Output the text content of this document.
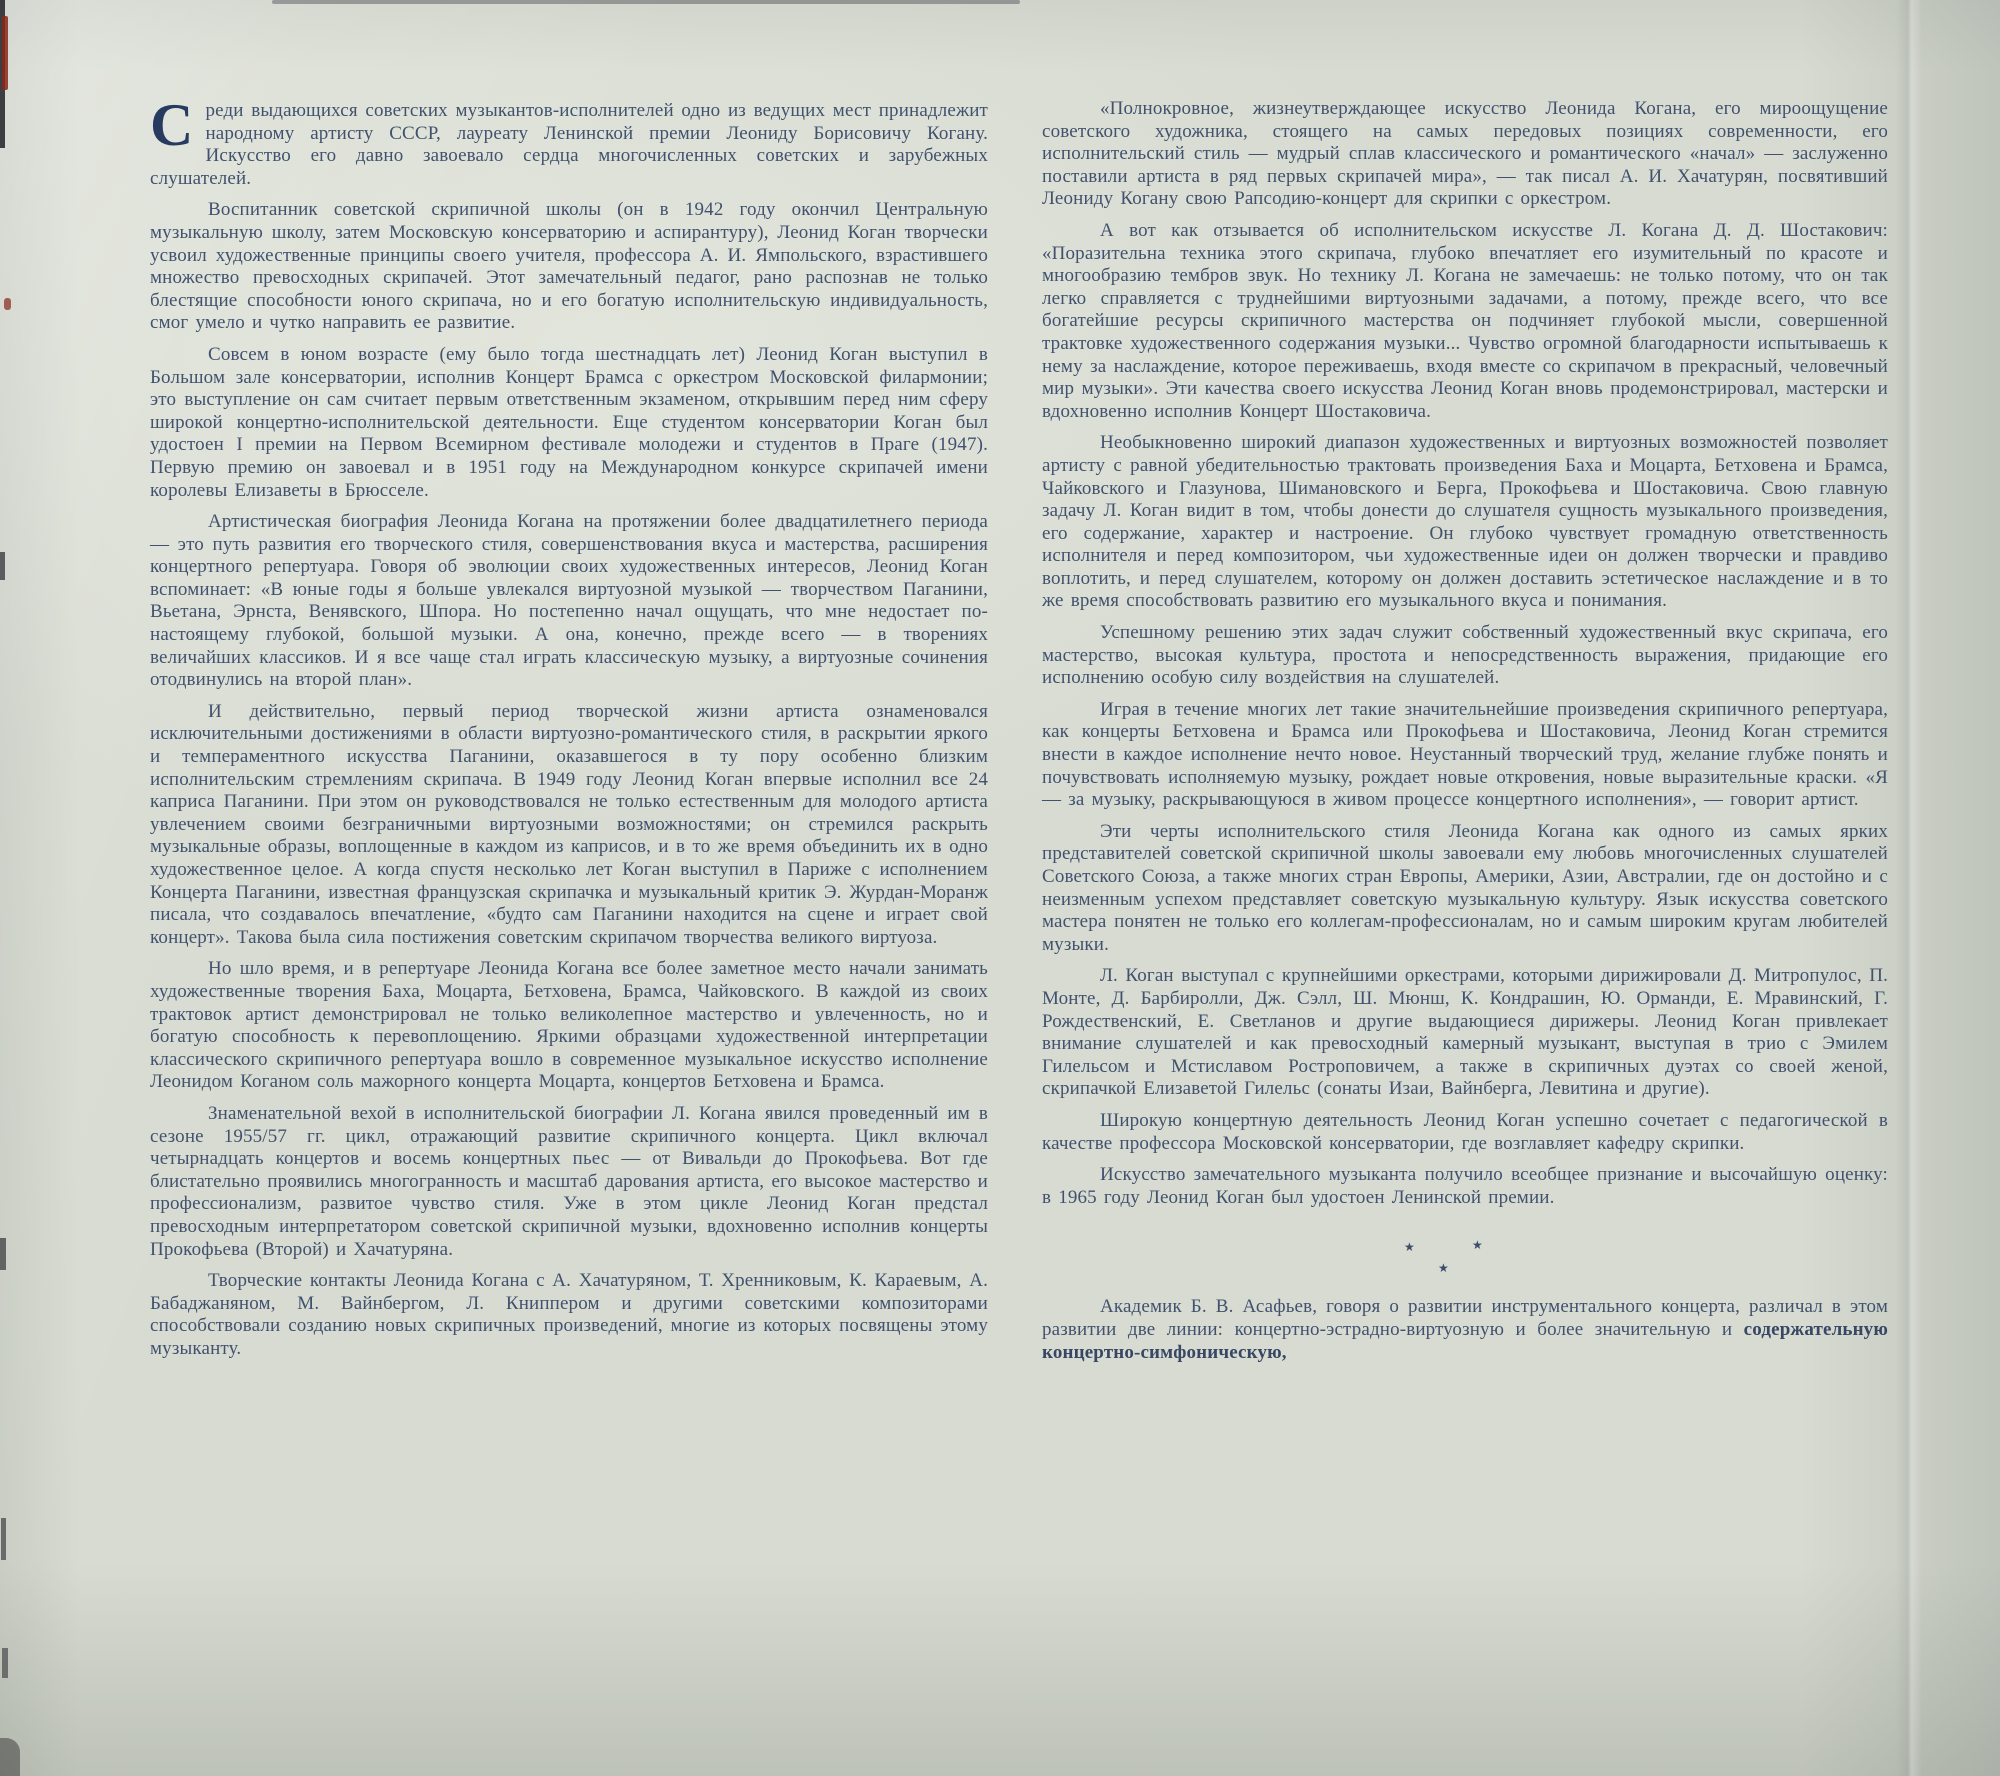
Среди выдающихся советских музыкантов-исполнителей одно из ведущих мест принадлежит народному артисту СССР, лауреату Ленинской премии Леониду Борисовичу Когану. Искусство его давно завоевало сердца многочисленных советских и зарубежных слушателей.

Воспитанник советской скрипичной школы (он в 1942 году окончил Центральную музыкальную школу, затем Московскую консерваторию и аспирантуру), Леонид Коган творчески усвоил художественные принципы своего учителя, профессора А. И. Ямпольского, взрастившего множество превосходных скрипачей. Этот замечательный педагог, рано распознав не только блестящие способности юного скрипача, но и его богатую исполнительскую индивидуальность, смог умело и чутко направить ее развитие.

Совсем в юном возрасте (ему было тогда шестнадцать лет) Леонид Коган выступил в Большом зале консерватории, исполнив Концерт Брамса с оркестром Московской филармонии; это выступление он сам считает первым ответственным экзаменом, открывшим перед ним сферу широкой концертно-исполнительской деятельности. Еще студентом консерватории Коган был удостоен I премии на Первом Всемирном фестивале молодежи и студентов в Праге (1947). Первую премию он завоевал и в 1951 году на Международном конкурсе скрипачей имени королевы Елизаветы в Брюсселе.

Артистическая биография Леонида Когана на протяжении более двадцатилетнего периода — это путь развития его творческого стиля, совершенствования вкуса и мастерства, расширения концертного репертуара. Говоря об эволюции своих художественных интересов, Леонид Коган вспоминает: «В юные годы я больше увлекался виртуозной музыкой — творчеством Паганини, Вьетана, Эрнста, Венявского, Шпора. Но постепенно начал ощущать, что мне недостает по-настоящему глубокой, большой музыки. А она, конечно, прежде всего — в творениях величайших классиков. И я все чаще стал играть классическую музыку, а виртуозные сочинения отодвинулись на второй план».

И действительно, первый период творческой жизни артиста ознаменовался исключительными достижениями в области виртуозно-романтического стиля, в раскрытии яркого и темпераментного искусства Паганини, оказавшегося в ту пору особенно близким исполнительским стремлениям скрипача. В 1949 году Леонид Коган впервые исполнил все 24 каприса Паганини. При этом он руководствовался не только естественным для молодого артиста увлечением своими безграничными виртуозными возможностями; он стремился раскрыть музыкальные образы, воплощенные в каждом из каприсов, и в то же время объединить их в одно художественное целое. А когда спустя несколько лет Коган выступил в Париже с исполнением Концерта Паганини, известная французская скрипачка и музыкальный критик Э. Журдан-Моранж писала, что создавалось впечатление, «будто сам Паганини находится на сцене и играет свой концерт». Такова была сила постижения советским скрипачом творчества великого виртуоза.

Но шло время, и в репертуаре Леонида Когана все более заметное место начали занимать художественные творения Баха, Моцарта, Бетховена, Брамса, Чайковского. В каждой из своих трактовок артист демонстрировал не только великолепное мастерство и увлеченность, но и богатую способность к перевоплощению. Яркими образцами художественной интерпретации классического скрипичного репертуара вошло в современное музыкальное искусство исполнение Леонидом Коганом соль мажорного концерта Моцарта, концертов Бетховена и Брамса.

Знаменательной вехой в исполнительской биографии Л. Когана явился проведенный им в сезоне 1955/57 гг. цикл, отражающий развитие скрипичного концерта. Цикл включал четырнадцать концертов и восемь концертных пьес — от Вивальди до Прокофьева. Вот где блистательно проявились многогранность и масштаб дарования артиста, его высокое мастерство и профессионализм, развитое чувство стиля. Уже в этом цикле Леонид Коган предстал превосходным интерпретатором советской скрипичной музыки, вдохновенно исполнив концерты Прокофьева (Второй) и Хачатуряна.

Творческие контакты Леонида Когана с А. Хачатуряном, Т. Хренниковым, К. Караевым, А. Бабаджаняном, М. Вайнбергом, Л. Книппером и другими советскими композиторами способствовали созданию новых скрипичных произведений, многие из которых посвящены этому музыканту.

«Полнокровное, жизнеутверждающее искусство Леонида Когана, его мироощущение советского художника, стоящего на самых передовых позициях современности, его исполнительский стиль — мудрый сплав классического и романтического «начал» — заслуженно поставили артиста в ряд первых скрипачей мира», — так писал А. И. Хачатурян, посвятивший Леониду Когану свою Рапсодию-концерт для скрипки с оркестром.

А вот как отзывается об исполнительском искусстве Л. Когана Д. Д. Шостакович: «Поразительна техника этого скрипача, глубоко впечатляет его изумительный по красоте и многообразию тембров звук. Но технику Л. Когана не замечаешь: не только потому, что он так легко справляется с труднейшими виртуозными задачами, а потому, прежде всего, что все богатейшие ресурсы скрипичного мастерства он подчиняет глубокой мысли, совершенной трактовке художественного содержания музыки... Чувство огромной благодарности испытываешь к нему за наслаждение, которое переживаешь, входя вместе со скрипачом в прекрасный, человечный мир музыки». Эти качества своего искусства Леонид Коган вновь продемонстрировал, мастерски и вдохновенно исполнив Концерт Шостаковича.

Необыкновенно широкий диапазон художественных и виртуозных возможностей позволяет артисту с равной убедительностью трактовать произведения Баха и Моцарта, Бетховена и Брамса, Чайковского и Глазунова, Шимановского и Берга, Прокофьева и Шостаковича. Свою главную задачу Л. Коган видит в том, чтобы донести до слушателя сущность музыкального произведения, его содержание, характер и настроение. Он глубоко чувствует громадную ответственность исполнителя и перед композитором, чьи художественные идеи он должен творчески и правдиво воплотить, и перед слушателем, которому он должен доставить эстетическое наслаждение и в то же время способствовать развитию его музыкального вкуса и понимания.

Успешному решению этих задач служит собственный художественный вкус скрипача, его мастерство, высокая культура, простота и непосредственность выражения, придающие его исполнению особую силу воздействия на слушателей.

Играя в течение многих лет такие значительнейшие произведения скрипичного репертуара, как концерты Бетховена и Брамса или Прокофьева и Шостаковича, Леонид Коган стремится внести в каждое исполнение нечто новое. Неустанный творческий труд, желание глубже понять и почувствовать исполняемую музыку, рождает новые откровения, новые выразительные краски. «Я — за музыку, раскрывающуюся в живом процессе концертного исполнения», — говорит артист.

Эти черты исполнительского стиля Леонида Когана как одного из самых ярких представителей советской скрипичной школы завоевали ему любовь многочисленных слушателей Советского Союза, а также многих стран Европы, Америки, Азии, Австралии, где он достойно и с неизменным успехом представляет советскую музыкальную культуру. Язык искусства советского мастера понятен не только его коллегам-профессионалам, но и самым широким кругам любителей музыки.

Л. Коган выступал с крупнейшими оркестрами, которыми дирижировали Д. Митропулос, П. Монте, Д. Барбиролли, Дж. Сэлл, Ш. Мюнш, К. Кондрашин, Ю. Орманди, Е. Мравинский, Г. Рождественский, Е. Светланов и другие выдающиеся дирижеры. Леонид Коган привлекает внимание слушателей и как превосходный камерный музыкант, выступая в трио с Эмилем Гилельсом и Мстиславом Ростроповичем, а также в скрипичных дуэтах со своей женой, скрипачкой Елизаветой Гилельс (сонаты Изаи, Вайнберга, Левитина и другие).

Широкую концертную деятельность Леонид Коган успешно сочетает с педагогической в качестве профессора Московской консерватории, где возглавляет кафедру скрипки.

Искусство замечательного музыканта получило всеобщее признание и высочайшую оценку: в 1965 году Леонид Коган был удостоен Ленинской премии.

★	★
★

Академик Б. В. Асафьев, говоря о развитии инструментального концерта, различал в этом развитии две линии: концертно-эстрадно-виртуозную и более значительную и содержательную концертно-симфоническую,
